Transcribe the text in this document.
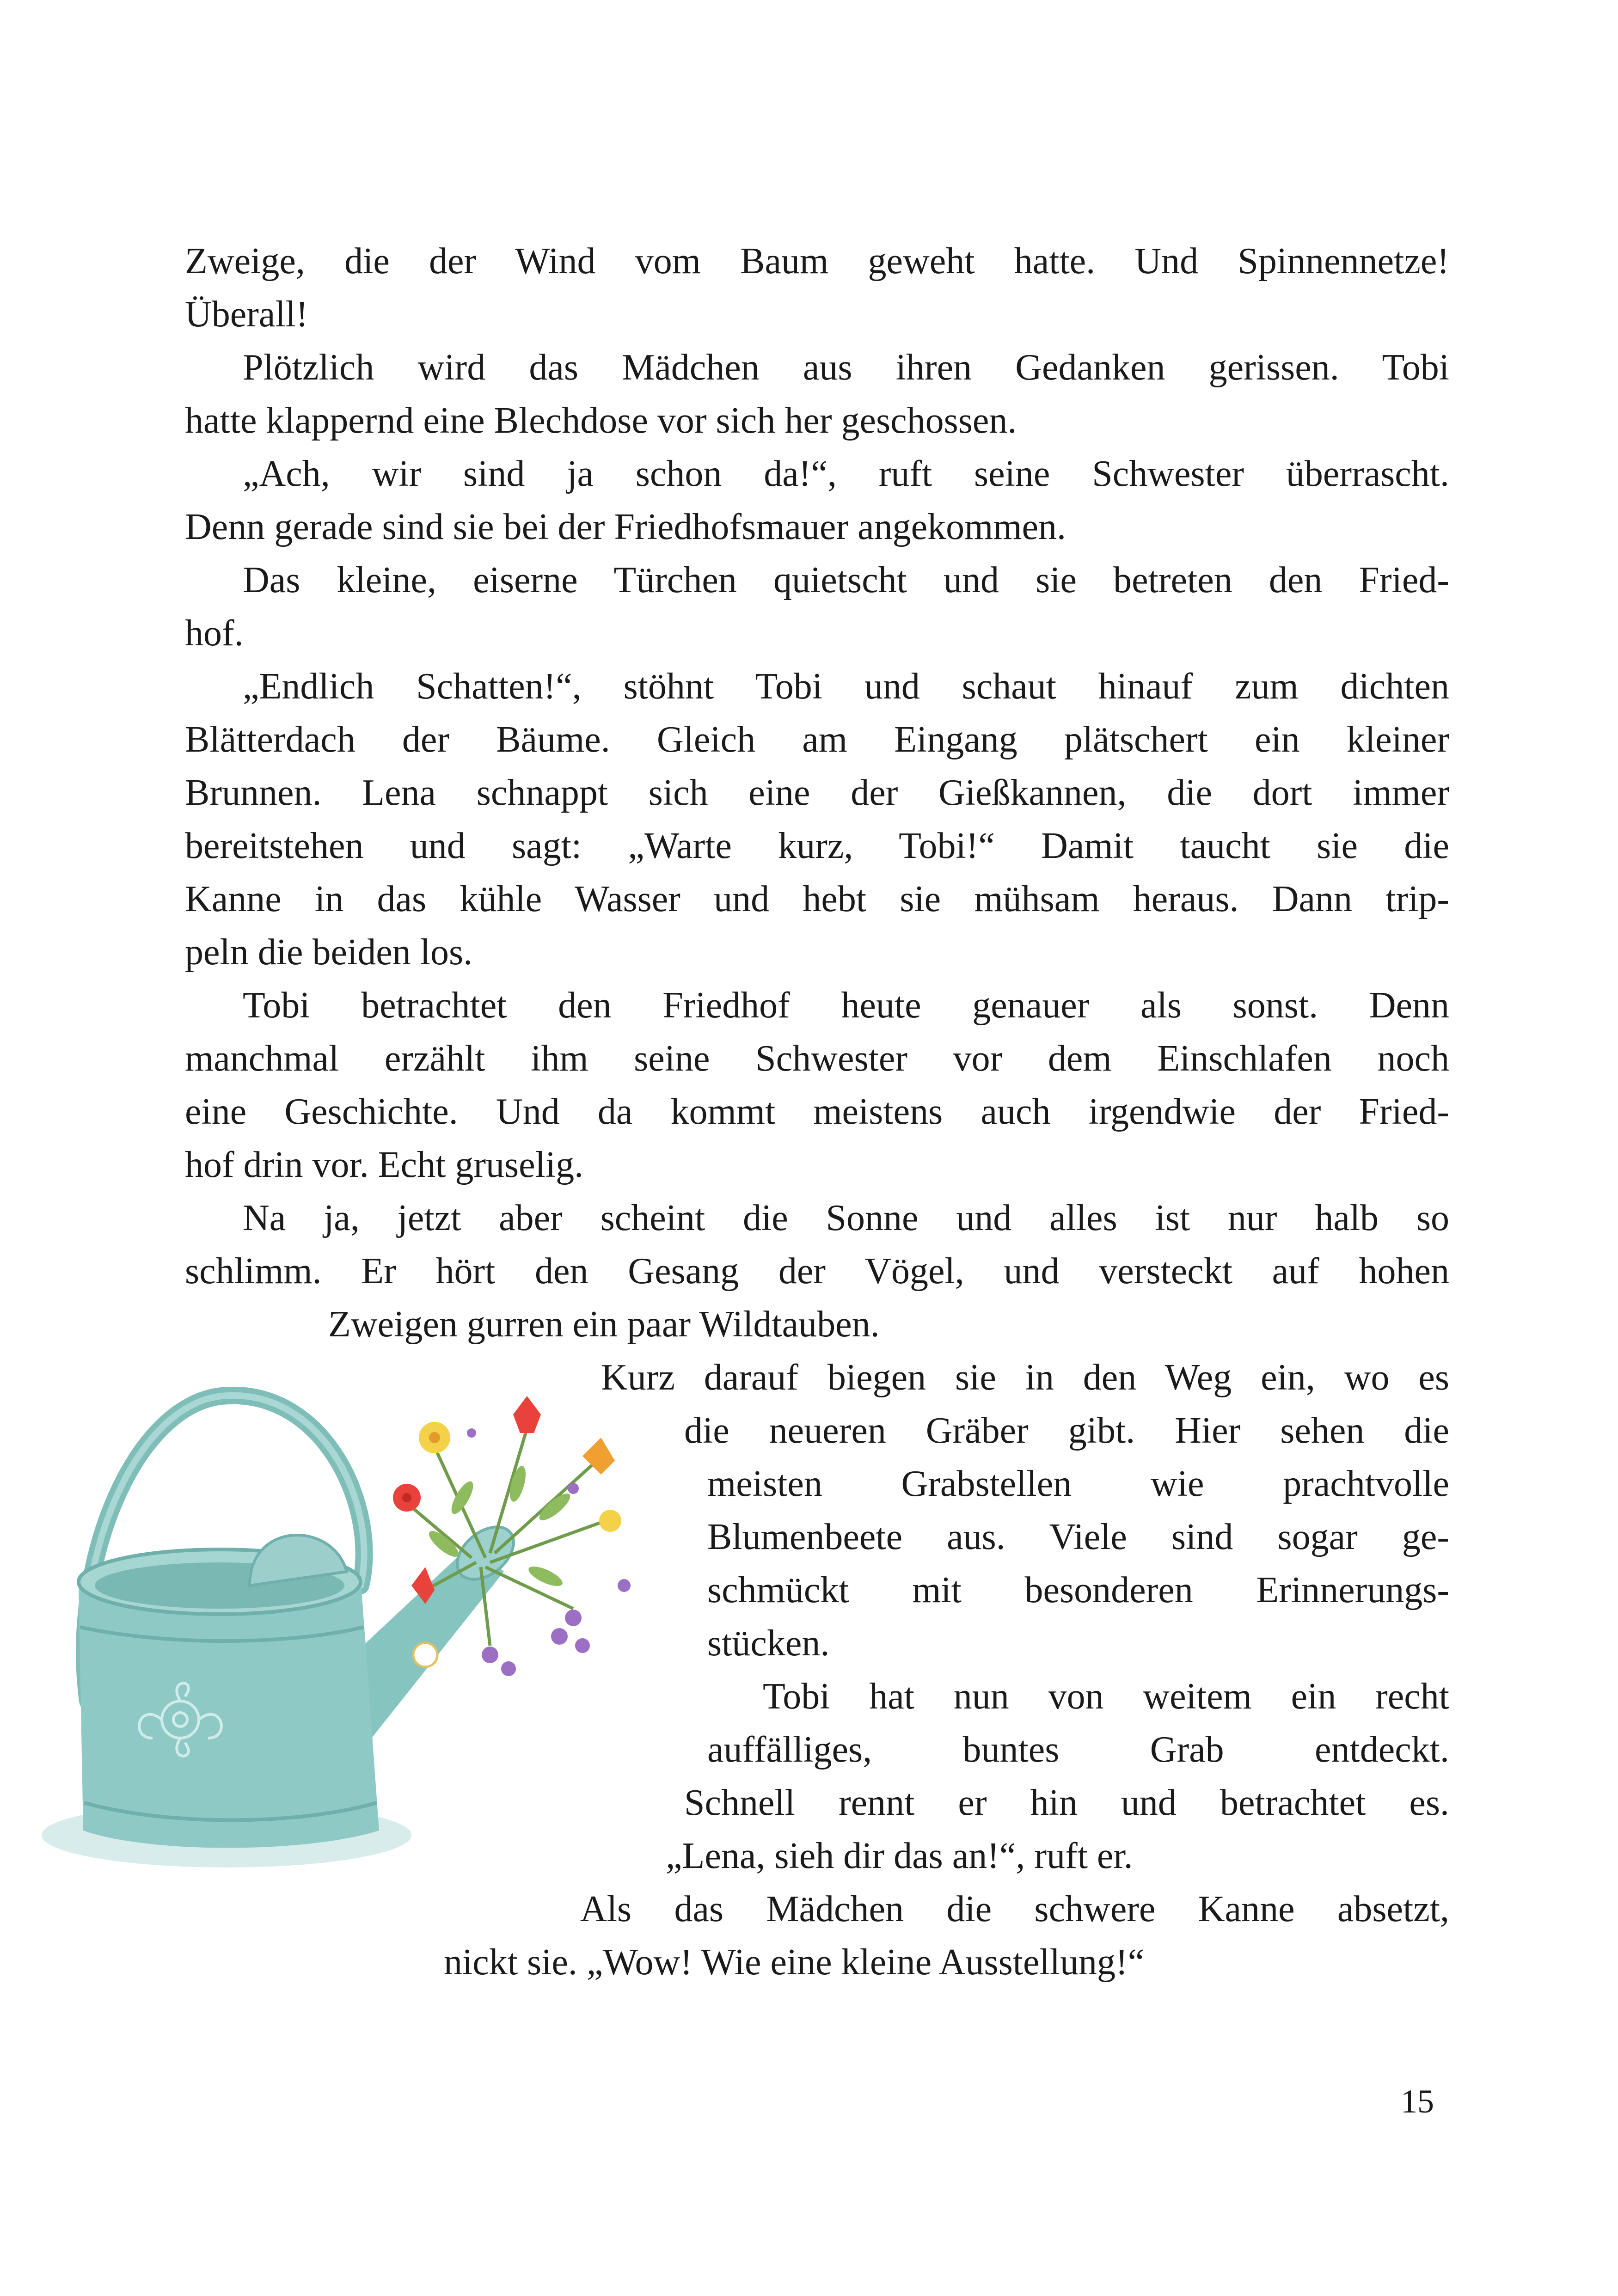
Zweige, die der Wind vom Baum geweht hatte. Und Spinnennetze!
Überall!
Plötzlich wird das Mädchen aus ihren Gedanken gerissen. Tobi
hatte klappernd eine Blechdose vor sich her geschossen.
„Ach, wir sind ja schon da!“, ruft seine Schwester überrascht.
Denn gerade sind sie bei der Friedhofsmauer angekommen.
Das kleine, eiserne Türchen quietscht und sie betreten den Fried-
hof.
„Endlich Schatten!“, stöhnt Tobi und schaut hinauf zum dichten
Blätterdach der Bäume. Gleich am Eingang plätschert ein kleiner
Brunnen. Lena schnappt sich eine der Gießkannen, die dort immer
bereitstehen und sagt: „Warte kurz, Tobi!“ Damit taucht sie die
Kanne in das kühle Wasser und hebt sie mühsam heraus. Dann trip-
peln die beiden los.
Tobi betrachtet den Friedhof heute genauer als sonst. Denn
manchmal erzählt ihm seine Schwester vor dem Einschlafen noch
eine Geschichte. Und da kommt meistens auch irgendwie der Fried-
hof drin vor. Echt gruselig.
Na ja, jetzt aber scheint die Sonne und alles ist nur halb so
schlimm. Er hört den Gesang der Vögel, und versteckt auf hohen
Zweigen gurren ein paar Wildtauben.
Kurz darauf biegen sie in den Weg ein, wo es
die neueren Gräber gibt. Hier sehen die
meisten Grabstellen wie prachtvolle
Blumenbeete aus. Viele sind sogar ge-
schmückt mit besonderen Erinnerungs-
stücken.
Tobi hat nun von weitem ein recht
auffälliges, buntes Grab entdeckt.
Schnell rennt er hin und betrachtet es.
„Lena, sieh dir das an!“, ruft er.
Als das Mädchen die schwere Kanne absetzt,
nickt sie. „Wow! Wie eine kleine Ausstellung!“
15
